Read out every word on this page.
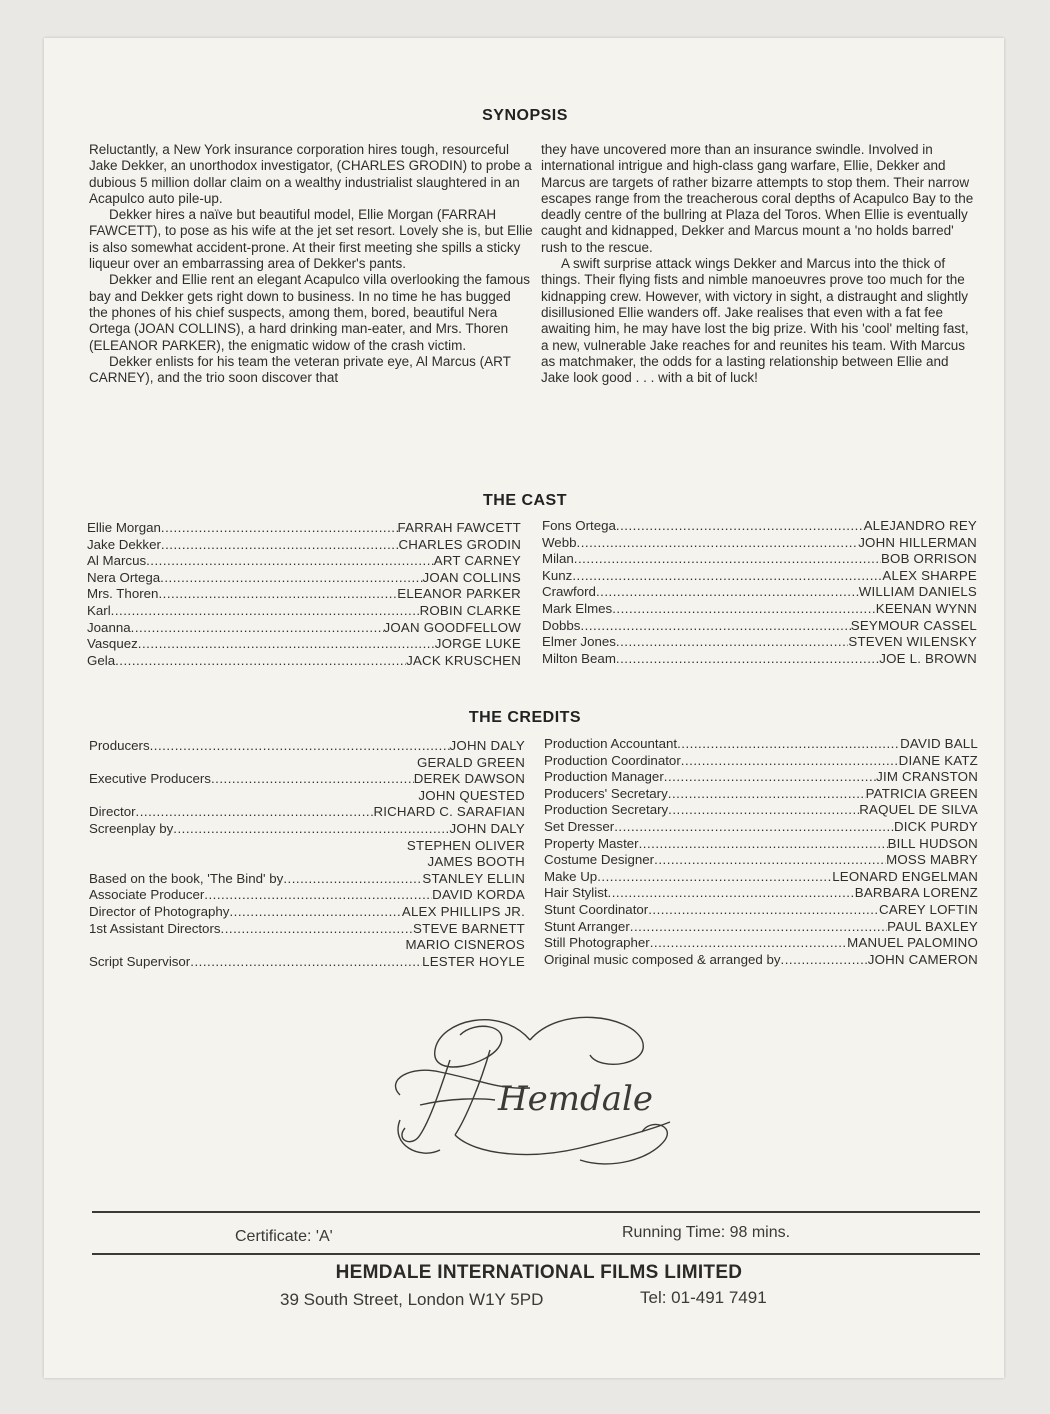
SYNOPSIS

Reluctantly, a New York insurance corporation hires tough, resourceful Jake Dekker, an unorthodox investigator, (CHARLES GRODIN) to probe a dubious 5 million dollar claim on a wealthy industrialist slaughtered in an Acapulco auto pile-up.

Dekker hires a naïve but beautiful model, Ellie Morgan (FARRAH FAWCETT), to pose as his wife at the jet set resort. Lovely she is, but Ellie is also somewhat accident-prone. At their first meeting she spills a sticky liqueur over an embarrassing area of Dekker's pants.

Dekker and Ellie rent an elegant Acapulco villa overlooking the famous bay and Dekker gets right down to business. In no time he has bugged the phones of his chief suspects, among them, bored, beautiful Nera Ortega (JOAN COLLINS), a hard drinking man-eater, and Mrs. Thoren (ELEANOR PARKER), the enigmatic widow of the crash victim.

Dekker enlists for his team the veteran private eye, Al Marcus (ART CARNEY), and the trio soon discover that

they have uncovered more than an insurance swindle. Involved in international intrigue and high-class gang warfare, Ellie, Dekker and Marcus are targets of rather bizarre attempts to stop them. Their narrow escapes range from the treacherous coral depths of Acapulco Bay to the deadly centre of the bullring at Plaza del Toros. When Ellie is eventually caught and kidnapped, Dekker and Marcus mount a 'no holds barred' rush to the rescue.

A swift surprise attack wings Dekker and Marcus into the thick of things. Their flying fists and nimble manoeuvres prove too much for the kidnapping crew. However, with victory in sight, a distraught and slightly disillusioned Ellie wanders off. Jake realises that even with a fat fee awaiting him, he may have lost the big prize. With his 'cool' melting fast, a new, vulnerable Jake reaches for and reunites his team. With Marcus as matchmaker, the odds for a lasting relationship between Ellie and Jake look good . . . with a bit of luck!

THE CAST
Ellie Morgan . . .	FARRAH FAWCETT
Jake Dekker . . .	CHARLES GRODIN
Al Marcus . . .	ART CARNEY
Nera Ortega . . .	JOAN COLLINS
Mrs. Thoren . . .	ELEANOR PARKER
Karl . . .	ROBIN CLARKE
Joanna . . .	JOAN GOODFELLOW
Vasquez . . .	JORGE LUKE
Gela . . .	JACK KRUSCHEN
Fons Ortega . . .	ALEJANDRO REY
Webb . . .	JOHN HILLERMAN
Milan . . .	BOB ORRISON
Kunz . . .	ALEX SHARPE
Crawford . . .	WILLIAM DANIELS
Mark Elmes . . .	KEENAN WYNN
Dobbs . . .	SEYMOUR CASSEL
Elmer Jones . . .	STEVEN WILENSKY
Milton Beam . . .	JOE L. BROWN
THE CREDITS
Producers . . .	JOHN DALY
GERALD GREEN
Executive Producers . . .	DEREK DAWSON
JOHN QUESTED
Director . . .	RICHARD C. SARAFIAN
Screenplay by . . .	JOHN DALY
STEPHEN OLIVER
JAMES BOOTH
Based on the book, 'The Bind' by . . .	STANLEY ELLIN
Associate Producer . . .	DAVID KORDA
Director of Photography . . .	ALEX PHILLIPS JR.
1st Assistant Directors . . .	STEVE BARNETT
MARIO CISNEROS
Script Supervisor . . .	LESTER HOYLE
Production Accountant . . .	DAVID BALL
Production Coordinator . . .	DIANE KATZ
Production Manager . . .	JIM CRANSTON
Producers' Secretary . . .	PATRICIA GREEN
Production Secretary . . .	RAQUEL DE SILVA
Set Dresser . . .	DICK PURDY
Property Master . . .	BILL HUDSON
Costume Designer . . .	MOSS MABRY
Make Up . . .	LEONARD ENGELMAN
Hair Stylist . . .	BARBARA LORENZ
Stunt Coordinator . . .	CAREY LOFTIN
Stunt Arranger . . .	PAUL BAXLEY
Still Photographer . . .	MANUEL PALOMINO
Original music composed & arranged by . . .	JOHN CAMERON
Hemdale
Certificate: 'A'	Running Time: 98 mins.
HEMDALE INTERNATIONAL FILMS LIMITED
39 South Street, London W1Y 5PD	Tel: 01-491 7491
